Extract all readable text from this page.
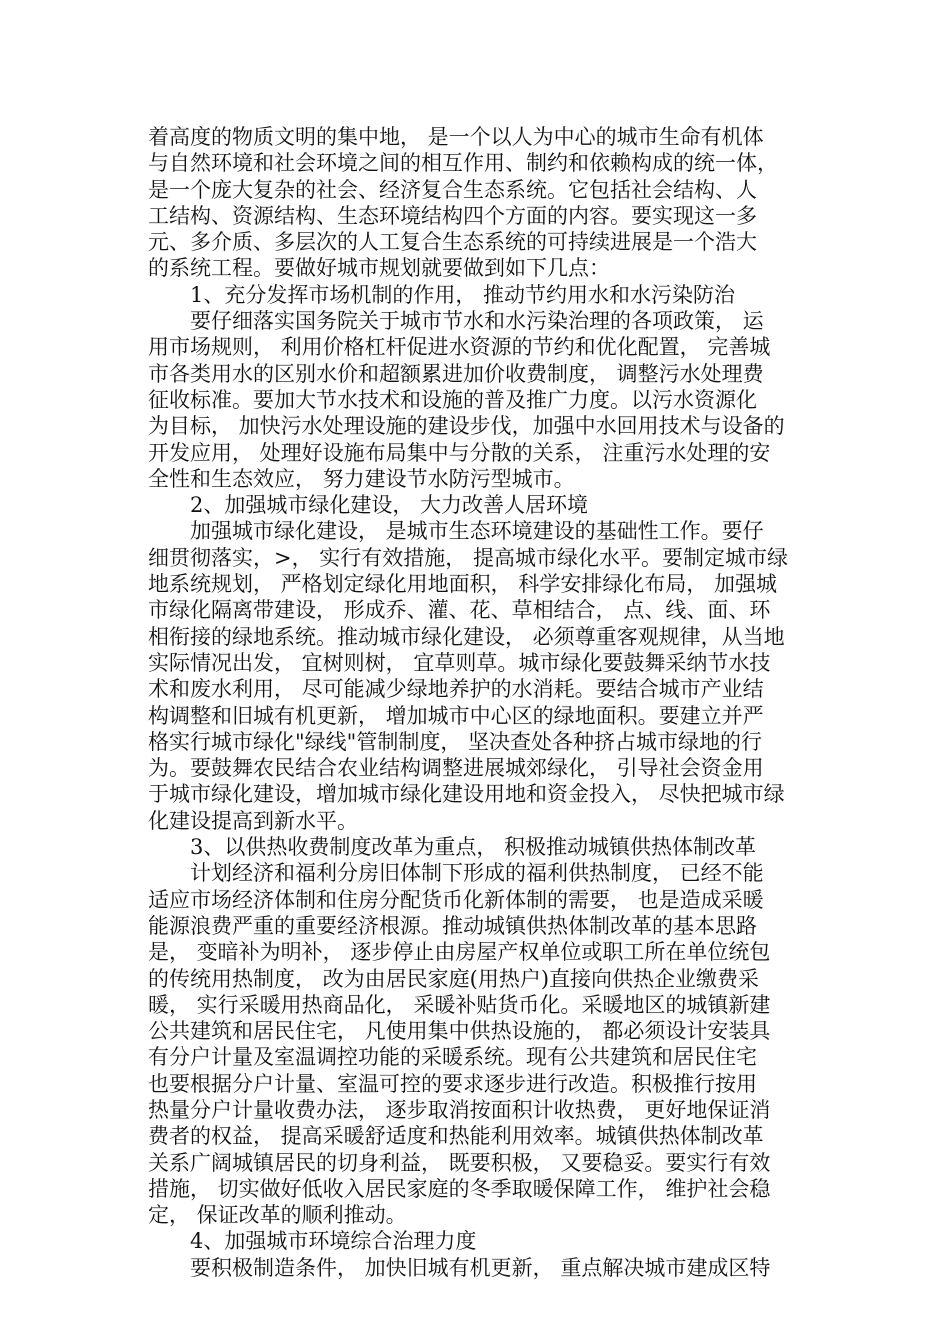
着高度的物质文明的集中地， 是一个以人为中心的城市生命有机体
与自然环境和社会环境之间的相互作用、制约和依赖构成的统一体，
是一个庞大复杂的社会、经济复合生态系统。它包括社会结构、人
工结构、资源结构、生态环境结构四个方面的内容。要实现这一多
元、多介质、多层次的人工复合生态系统的可持续进展是一个浩大
的系统工程。要做好城市规划就要做到如下几点：
1、充分发挥市场机制的作用， 推动节约用水和水污染防治
要仔细落实国务院关于城市节水和水污染治理的各项政策， 运
用市场规则， 利用价格杠杆促进水资源的节约和优化配置， 完善城
市各类用水的区别水价和超额累进加价收费制度， 调整污水处理费
征收标准。要加大节水技术和设施的普及推广力度。以污水资源化
为目标， 加快污水处理设施的建设步伐，加强中水回用技术与设备的
开发应用， 处理好设施布局集中与分散的关系， 注重污水处理的安
全性和生态效应， 努力建设节水防污型城市。
2、加强城市绿化建设， 大力改善人居环境
加强城市绿化建设， 是城市生态环境建设的基础性工作。要仔
细贯彻落实，>， 实行有效措施， 提高城市绿化水平。要制定城市绿
地系统规划， 严格划定绿化用地面积， 科学安排绿化布局， 加强城
市绿化隔离带建设， 形成乔、灌、花、草相结合， 点、线、面、环
相衔接的绿地系统。推动城市绿化建设， 必须尊重客观规律，从当地
实际情况出发， 宜树则树， 宜草则草。城市绿化要鼓舞采纳节水技
术和废水利用， 尽可能减少绿地养护的水消耗。要结合城市产业结
构调整和旧城有机更新， 增加城市中心区的绿地面积。要建立并严
格实行城市绿化"绿线"管制制度， 坚决查处各种挤占城市绿地的行
为。要鼓舞农民结合农业结构调整进展城郊绿化， 引导社会资金用
于城市绿化建设，增加城市绿化建设用地和资金投入， 尽快把城市绿
化建设提高到新水平。
3、以供热收费制度改革为重点， 积极推动城镇供热体制改革
计划经济和福利分房旧体制下形成的福利供热制度， 已经不能
适应市场经济体制和住房分配货币化新体制的需要， 也是造成采暖
能源浪费严重的重要经济根源。推动城镇供热体制改革的基本思路
是， 变暗补为明补， 逐步停止由房屋产权单位或职工所在单位统包
的传统用热制度， 改为由居民家庭(用热户)直接向供热企业缴费采
暖， 实行采暖用热商品化， 采暖补贴货币化。采暖地区的城镇新建
公共建筑和居民住宅， 凡使用集中供热设施的， 都必须设计安装具
有分户计量及室温调控功能的采暖系统。现有公共建筑和居民住宅
也要根据分户计量、室温可控的要求逐步进行改造。积极推行按用
热量分户计量收费办法， 逐步取消按面积计收热费， 更好地保证消
费者的权益， 提高采暖舒适度和热能利用效率。城镇供热体制改革
关系广阔城镇居民的切身利益， 既要积极， 又要稳妥。要实行有效
措施， 切实做好低收入居民家庭的冬季取暖保障工作， 维护社会稳
定， 保证改革的顺利推动。
4、加强城市环境综合治理力度
要积极制造条件， 加快旧城有机更新， 重点解决城市建成区特
